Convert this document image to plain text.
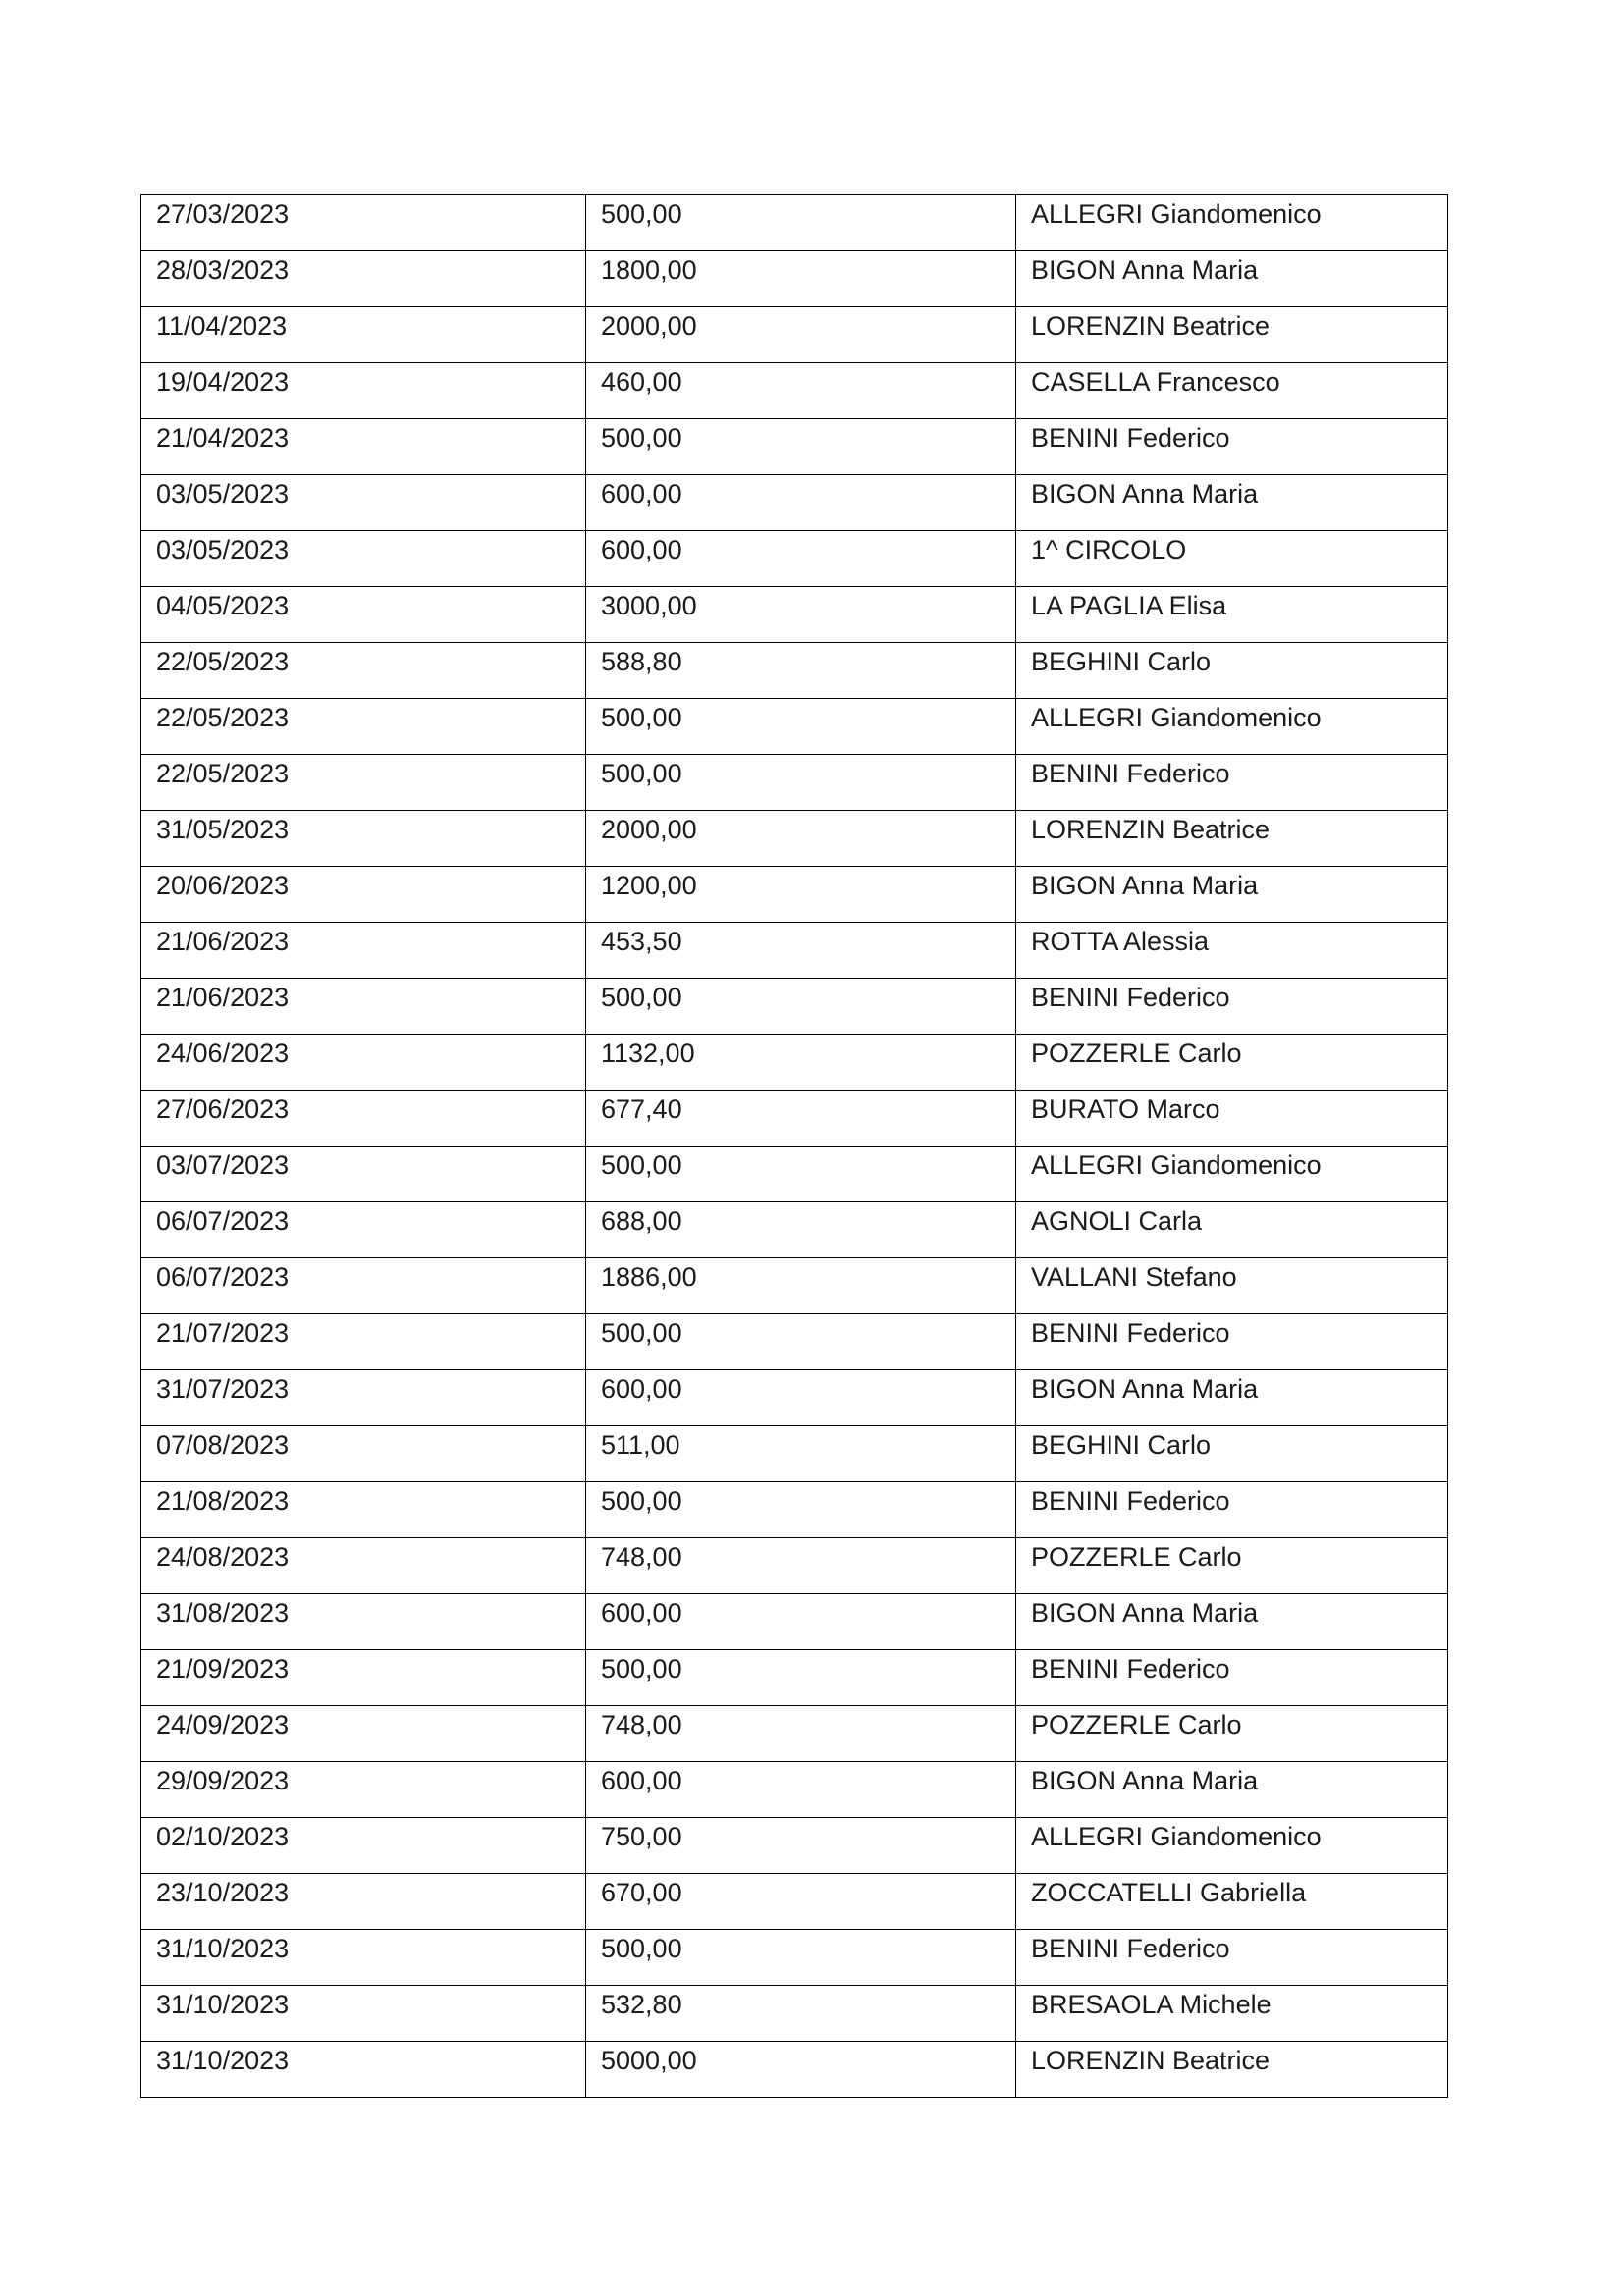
27/03/2023	500,00	ALLEGRI Giandomenico
28/03/2023	1800,00	BIGON Anna Maria
11/04/2023	2000,00	LORENZIN Beatrice
19/04/2023	460,00	CASELLA Francesco
21/04/2023	500,00	BENINI Federico
03/05/2023	600,00	BIGON Anna Maria
03/05/2023	600,00	1^ CIRCOLO
04/05/2023	3000,00	LA PAGLIA Elisa
22/05/2023	588,80	BEGHINI Carlo
22/05/2023	500,00	ALLEGRI Giandomenico
22/05/2023	500,00	BENINI Federico
31/05/2023	2000,00	LORENZIN Beatrice
20/06/2023	1200,00	BIGON Anna Maria
21/06/2023	453,50	ROTTA Alessia
21/06/2023	500,00	BENINI Federico
24/06/2023	1132,00	POZZERLE Carlo
27/06/2023	677,40	BURATO Marco
03/07/2023	500,00	ALLEGRI Giandomenico
06/07/2023	688,00	AGNOLI Carla
06/07/2023	1886,00	VALLANI Stefano
21/07/2023	500,00	BENINI Federico
31/07/2023	600,00	BIGON Anna Maria
07/08/2023	511,00	BEGHINI Carlo
21/08/2023	500,00	BENINI Federico
24/08/2023	748,00	POZZERLE Carlo
31/08/2023	600,00	BIGON Anna Maria
21/09/2023	500,00	BENINI Federico
24/09/2023	748,00	POZZERLE Carlo
29/09/2023	600,00	BIGON Anna Maria
02/10/2023	750,00	ALLEGRI Giandomenico
23/10/2023	670,00	ZOCCATELLI Gabriella
31/10/2023	500,00	BENINI Federico
31/10/2023	532,80	BRESAOLA Michele
31/10/2023	5000,00	LORENZIN Beatrice
